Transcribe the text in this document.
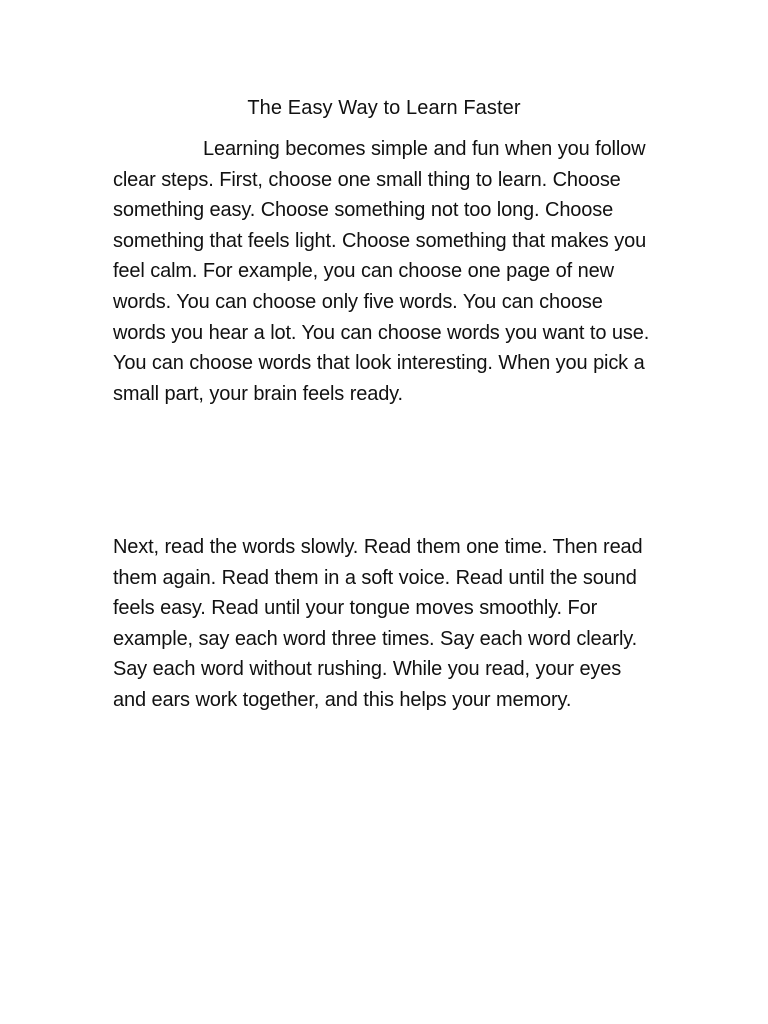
The Easy Way to Learn Faster

Learning becomes simple and fun when you follow clear steps. First, choose one small thing to learn. Choose something easy. Choose something not too long. Choose something that feels light. Choose something that makes you feel calm. For example, you can choose one page of new words. You can choose only five words. You can choose words you hear a lot. You can choose words you want to use. You can choose words that look interesting. When you pick a small part, your brain feels ready.

Next, read the words slowly. Read them one time. Then read them again. Read them in a soft voice. Read until the sound feels easy. Read until your tongue moves smoothly. For example, say each word three times. Say each word clearly. Say each word without rushing. While you read, your eyes and ears work together, and this helps your memory.
